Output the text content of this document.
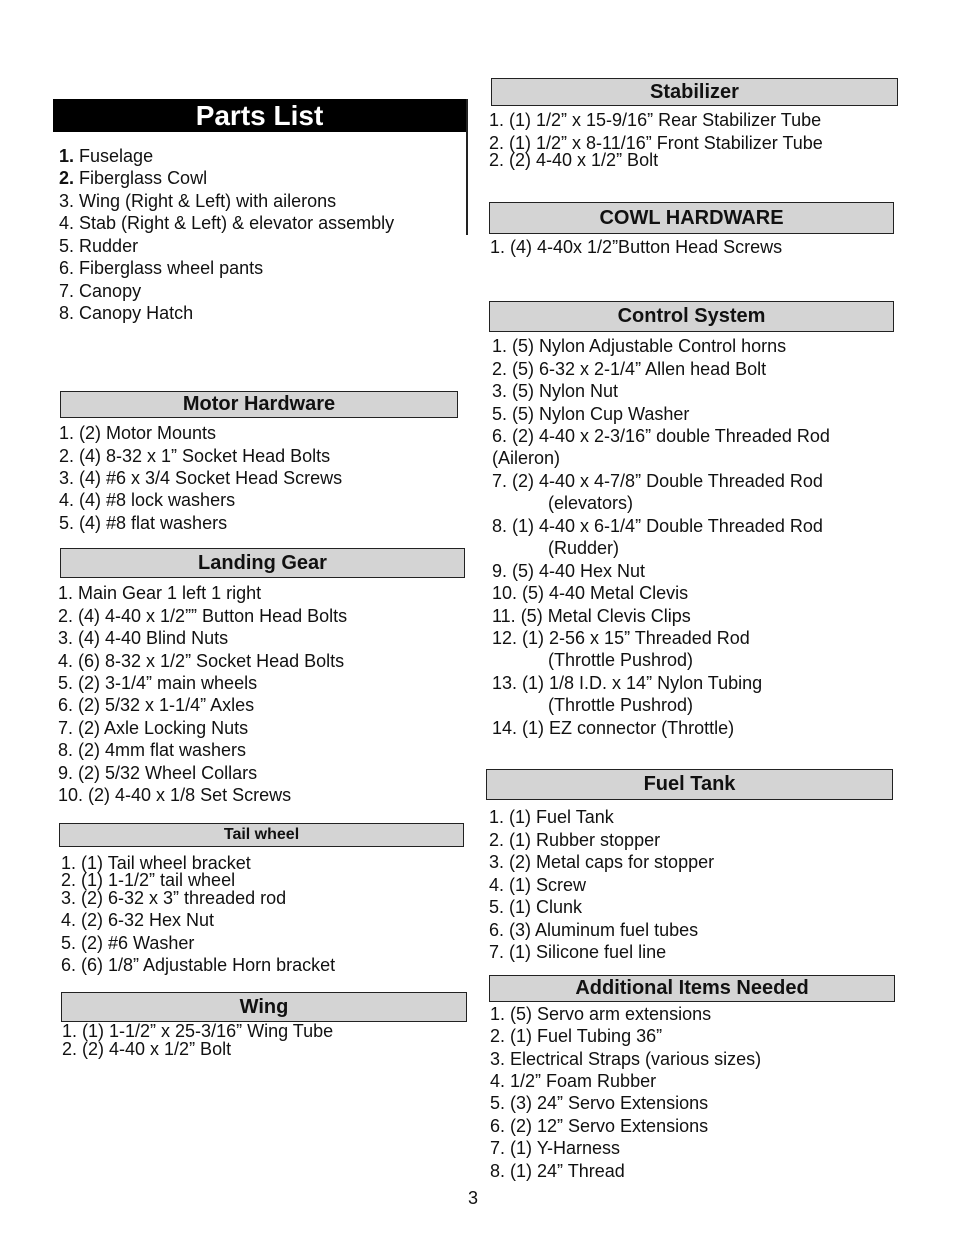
Parts List
1. Fuselage
2. Fiberglass Cowl
3. Wing (Right & Left) with ailerons
4. Stab (Right & Left) & elevator assembly
5. Rudder
6. Fiberglass wheel pants
7. Canopy
8. Canopy Hatch
Motor Hardware
1. (2) Motor Mounts
2. (4) 8-32 x 1” Socket Head Bolts
3. (4) #6 x 3/4 Socket Head Screws
4. (4) #8 lock washers
5. (4) #8 flat washers
Landing Gear
1. Main Gear 1 left 1 right
2. (4) 4-40 x 1/2”” Button Head Bolts
3. (4) 4-40 Blind Nuts
4. (6) 8-32 x 1/2” Socket Head Bolts
5. (2) 3-1/4” main wheels
6. (2) 5/32 x 1-1/4” Axles
7. (2) Axle Locking Nuts
8. (2) 4mm flat washers
9. (2) 5/32 Wheel Collars
10. (2) 4-40 x 1/8 Set Screws
Tail wheel
1. (1) Tail wheel bracket
2. (1) 1-1/2” tail wheel
3. (2) 6-32 x 3” threaded rod
4. (2) 6-32 Hex Nut
5. (2) #6 Washer
6. (6) 1/8” Adjustable Horn bracket
Wing
1. (1) 1-1/2” x 25-3/16” Wing Tube
2. (2) 4-40 x 1/2” Bolt
Stabilizer
1. (1) 1/2” x 15-9/16” Rear Stabilizer Tube
2. (1) 1/2” x 8-11/16” Front Stabilizer Tube
2. (2) 4-40 x 1/2” Bolt
COWL HARDWARE
1. (4) 4-40x 1/2”Button Head Screws
Control System
1. (5) Nylon Adjustable Control horns
2. (5) 6-32 x 2-1/4” Allen head Bolt
3. (5) Nylon Nut
5. (5) Nylon Cup Washer
6. (2) 4-40 x 2-3/16” double Threaded Rod
(Aileron)
7. (2) 4-40 x 4-7/8” Double Threaded Rod
(elevators)
8. (1) 4-40 x 6-1/4” Double Threaded Rod
(Rudder)
9. (5) 4-40 Hex Nut
10. (5) 4-40 Metal Clevis
11. (5) Metal Clevis Clips
12. (1) 2-56 x 15” Threaded Rod
(Throttle Pushrod)
13. (1) 1/8 I.D. x 14” Nylon Tubing
(Throttle Pushrod)
14. (1) EZ connector (Throttle)
Fuel Tank
1. (1) Fuel Tank
2. (1) Rubber stopper
3. (2) Metal caps for stopper
4. (1) Screw
5. (1) Clunk
6. (3) Aluminum fuel tubes
7. (1) Silicone fuel line
Additional Items Needed
1. (5) Servo arm extensions
2. (1) Fuel Tubing 36”
3. Electrical Straps (various sizes)
4. 1/2” Foam Rubber
5. (3) 24” Servo Extensions
6. (2) 12” Servo Extensions
7. (1) Y-Harness
8. (1) 24” Thread
3
